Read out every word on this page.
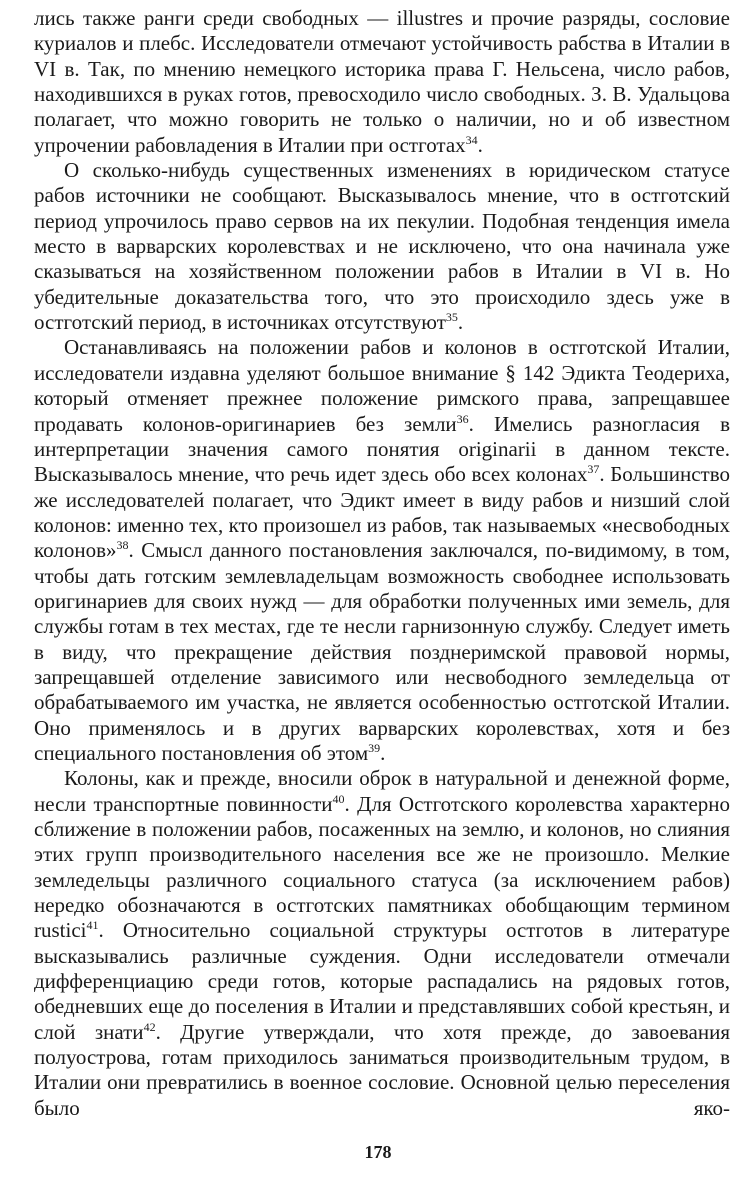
лись также ранги среди свободных — illustres и прочие разряды, сословие куриалов и плебс. Исследователи отмечают устойчивость рабства в Италии в VI в. Так, по мнению немецкого историка права Г. Нельсена, число рабов, находившихся в руках готов, превосходило число свободных. З. В. Удальцова полагает, что можно говорить не только о наличии, но и об известном упрочении рабовладения в Италии при остготах$^{34}$.

О сколько-нибудь существенных изменениях в юридическом статусе рабов источники не сообщают. Высказывалось мнение, что в остготский период упрочилось право сервов на их пекулии. Подобная тенденция имела место в варварских королевствах и не исключено, что она начинала уже сказываться на хозяйственном положении рабов в Италии в VI в. Но убедительные доказательства того, что это происходило здесь уже в остготский период, в источниках отсутствуют$^{35}$.

Останавливаясь на положении рабов и колонов в остготской Италии, исследователи издавна уделяют большое внимание § 142 Эдикта Теодериха, который отменяет прежнее положение римского права, запрещавшее продавать колонов-оригинариев без земли$^{36}$. Имелись разногласия в интерпретации значения самого понятия originarii в данном тексте. Высказывалось мнение, что речь идет здесь обо всех колонах$^{37}$. Большинство же исследователей полагает, что Эдикт имеет в виду рабов и низший слой колонов: именно тех, кто произошел из рабов, так называемых «несвободных колонов»$^{38}$. Смысл данного постановления заключался, по-видимому, в том, чтобы дать готским землевладельцам возможность свободнее использовать оригинариев для своих нужд — для обработки полученных ими земель, для службы готам в тех местах, где те несли гарнизонную службу. Следует иметь в виду, что прекращение действия позднеримской правовой нормы, запрещавшей отделение зависимого или несвободного земледельца от обрабатываемого им участка, не является особенностью остготской Италии. Оно применялось и в других варварских королевствах, хотя и без специального постановления об этом$^{39}$.

Колоны, как и прежде, вносили оброк в натуральной и денежной форме, несли транспортные повинности$^{40}$. Для Остготского королевства характерно сближение в положении рабов, посаженных на землю, и колонов, но слияния этих групп производительного населения все же не произошло. Мелкие земледельцы различного социального статуса (за исключением рабов) нередко обозначаются в остготских памятниках обобщающим термином rustici$^{41}$. Относительно социальной структуры остготов в литературе высказывались различные суждения. Одни исследователи отмечали дифференциацию среди готов, которые распадались на рядовых готов, обедневших еще до поселения в Италии и представлявших собой крестьян, и слой знати$^{42}$. Другие утверждали, что хотя прежде, до завоевания полуострова, готам приходилось заниматься производительным трудом, в Италии они превратились в военное сословие. Основной целью переселения было яко-

178
